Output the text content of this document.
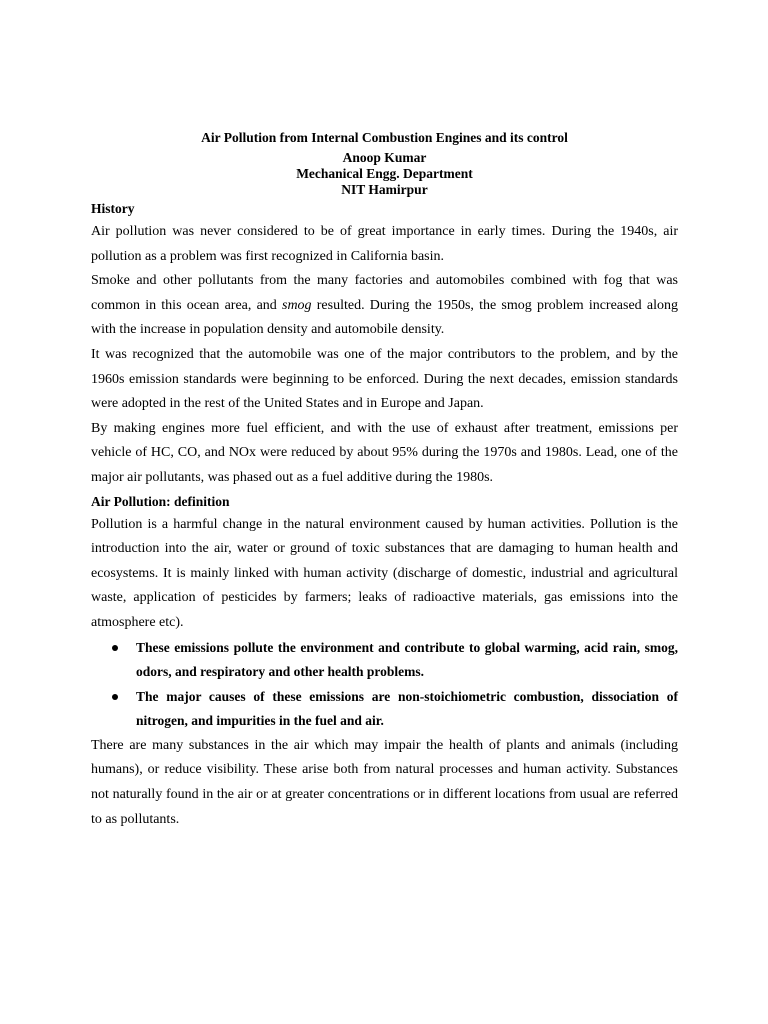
Air Pollution from Internal Combustion Engines and its control
Anoop Kumar
Mechanical Engg. Department
NIT Hamirpur
History

Air pollution was never considered to be of great importance in early times. During the 1940s, air pollution as a problem was first recognized in California basin.

Smoke and other pollutants from the many factories and automobiles combined with fog that was common in this ocean area, and smog resulted. During the 1950s, the smog problem increased along with the increase in population density and automobile density.

It was recognized that the automobile was one of the major contributors to the problem, and by the 1960s emission standards were beginning to be enforced. During the next decades, emission standards were adopted in the rest of the United States and in Europe and Japan.

By making engines more fuel efficient, and with the use of exhaust after treatment, emissions per vehicle of HC, CO, and NOx were reduced by about 95% during the 1970s and 1980s. Lead, one of the major air pollutants, was phased out as a fuel additive during the 1980s.

Air Pollution: definition

Pollution is a harmful change in the natural environment caused by human activities. Pollution is the introduction into the air, water or ground of toxic substances that are damaging to human health and ecosystems. It is mainly linked with human activity (discharge of domestic, industrial and agricultural waste, application of pesticides by farmers; leaks of radioactive materials, gas emissions into the atmosphere etc).

These emissions pollute the environment and contribute to global warming, acid rain, smog, odors, and respiratory and other health problems.
The major causes of these emissions are non-stoichiometric combustion, dissociation of nitrogen, and impurities in the fuel and air.

There are many substances in the air which may impair the health of plants and animals (including humans), or reduce visibility. These arise both from natural processes and human activity. Substances not naturally found in the air or at greater concentrations or in different locations from usual are referred to as pollutants.
